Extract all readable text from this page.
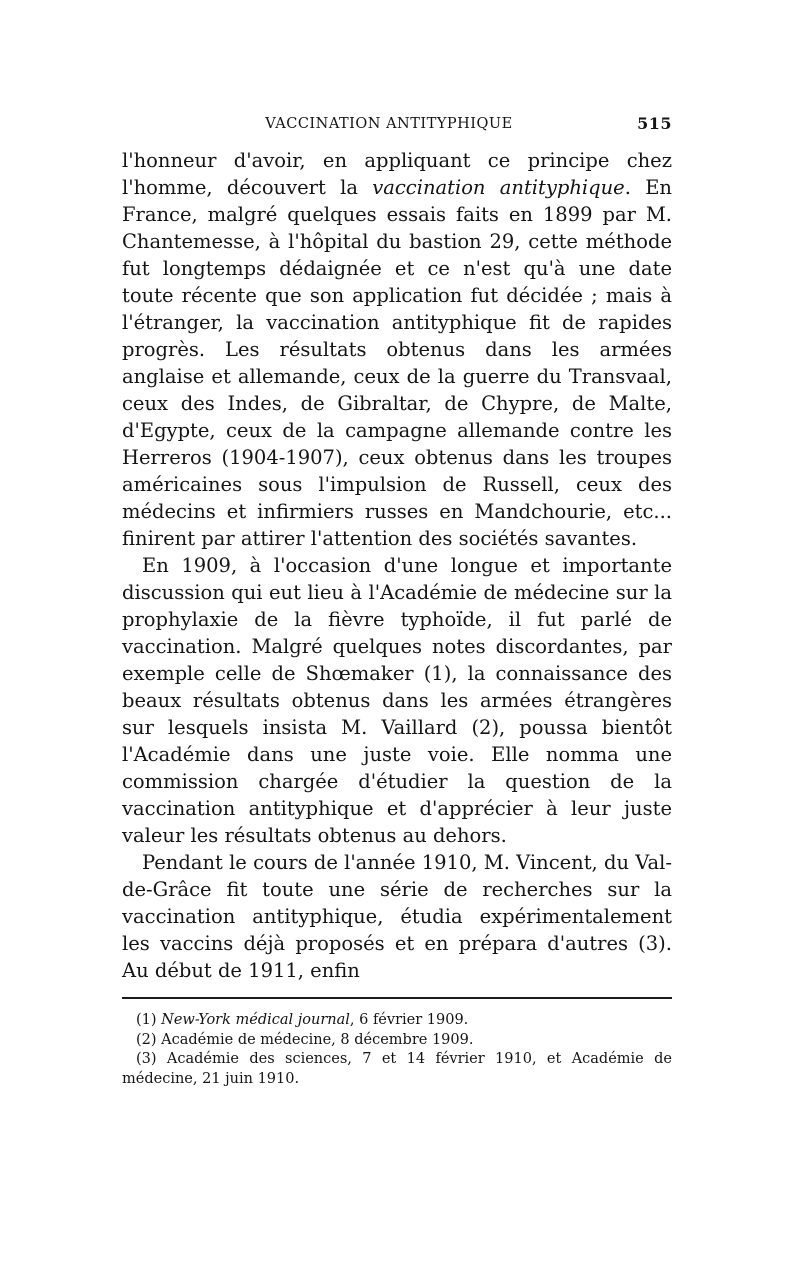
VACCINATION ANTITYPHIQUE	515

l'honneur d'avoir, en appliquant ce principe chez l'homme, découvert la vaccination antityphique. En France, malgré quelques essais faits en 1899 par M. Chantemesse, à l'hôpital du bastion 29, cette méthode fut longtemps dédaignée et ce n'est qu'à une date toute récente que son application fut décidée ; mais à l'étranger, la vaccination antityphique fit de rapides progrès. Les résultats obtenus dans les armées anglaise et allemande, ceux de la guerre du Transvaal, ceux des Indes, de Gibraltar, de Chypre, de Malte, d'Egypte, ceux de la campagne allemande contre les Herreros (1904-1907), ceux obtenus dans les troupes américaines sous l'impulsion de Russell, ceux des médecins et infirmiers russes en Mandchourie, etc... finirent par attirer l'attention des sociétés savantes.

En 1909, à l'occasion d'une longue et importante discussion qui eut lieu à l'Académie de médecine sur la prophylaxie de la fièvre typhoïde, il fut parlé de vaccination. Malgré quelques notes discordantes, par exemple celle de Shœmaker (1), la connaissance des beaux résultats obtenus dans les armées étrangères sur lesquels insista M. Vaillard (2), poussa bientôt l'Académie dans une juste voie. Elle nomma une commission chargée d'étudier la question de la vaccination antityphique et d'apprécier à leur juste valeur les résultats obtenus au dehors.

Pendant le cours de l'année 1910, M. Vincent, du Val-de-Grâce fit toute une série de recherches sur la vaccination antityphique, étudia expérimentalement les vaccins déjà proposés et en prépara d'autres (3). Au début de 1911, enfin

(1) New-York médical journal, 6 février 1909.

(2) Académie de médecine, 8 décembre 1909.

(3) Académie des sciences, 7 et 14 février 1910, et Académie de médecine, 21 juin 1910.
